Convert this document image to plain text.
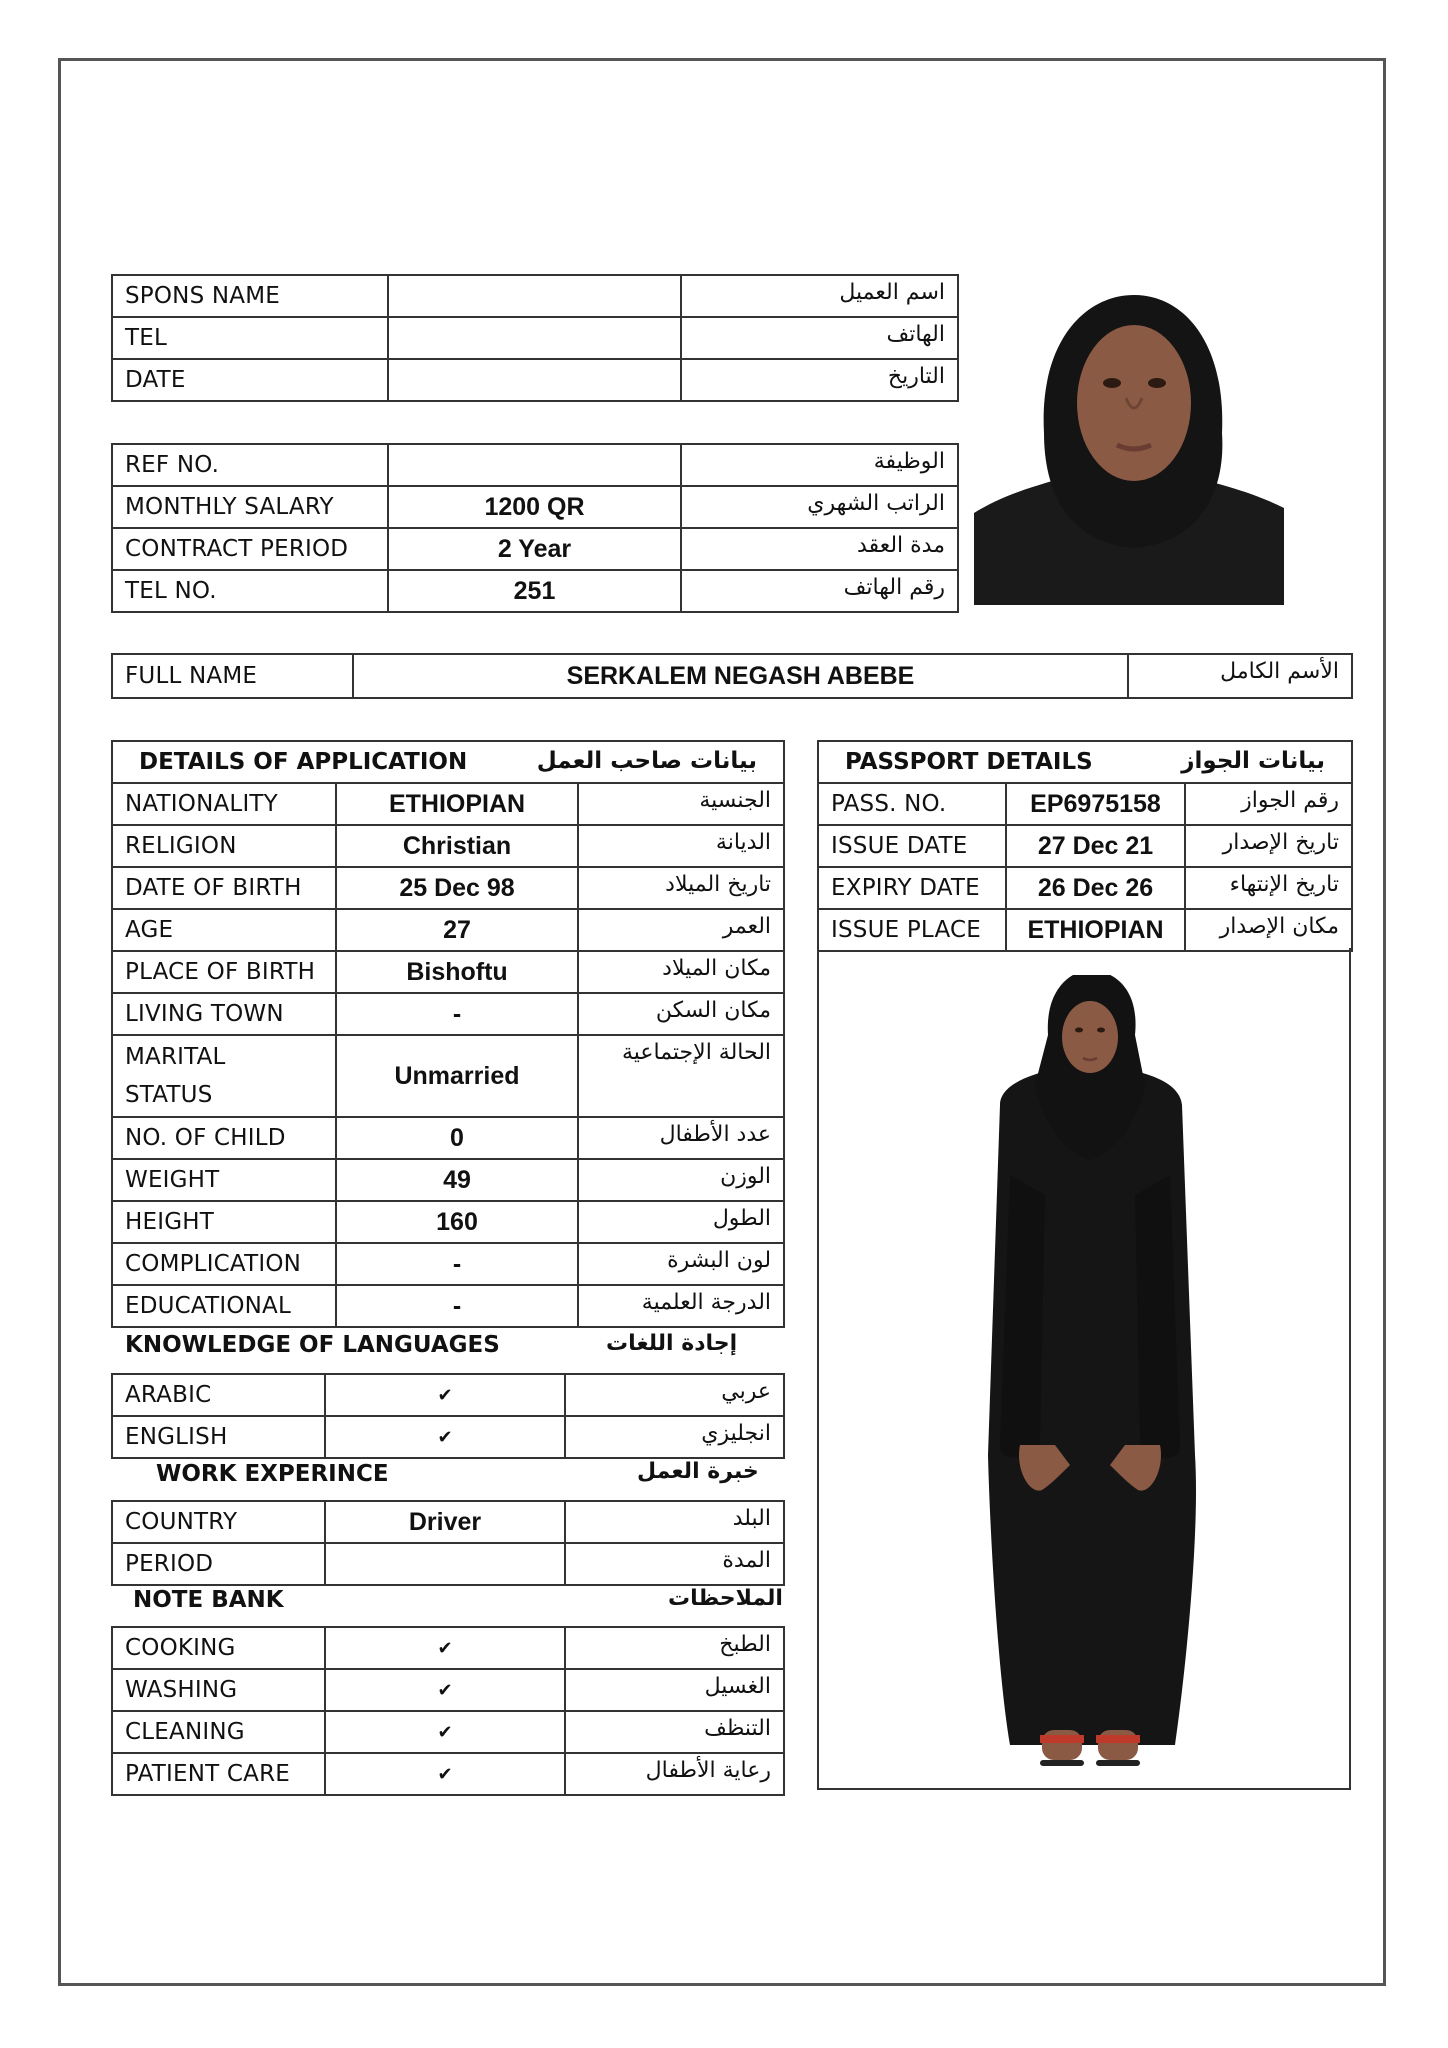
SPONS NAME		اسم العميل
TEL		الهاتف
DATE		التاريخ
REF NO.		الوظيفة
MONTHLY SALARY	1200 QR	الراتب الشهري
CONTRACT PERIOD	2 Year	مدة العقد
TEL NO.	251	رقم الهاتف
FULL NAME	SERKALEM NEGASH ABEBE	الأسم الكامل
DETAILS OF APPLICATION بيانات صاحب العمل		

NATIONALITY	ETHIOPIAN	الجنسية
RELIGION	Christian	الديانة
DATE OF BIRTH	25 Dec 98	تاريخ الميلاد
AGE	27	العمر
PLACE OF BIRTH	Bishoftu	مكان الميلاد
LIVING TOWN	-	مكان السكن

MARITAL
STATUS	Unmarried	الحالة الإجتماعية
NO. OF CHILD	0	عدد الأطفال
WEIGHT	49	الوزن
HEIGHT	160	الطول
COMPLICATION	-	لون البشرة
EDUCATIONAL	-	الدرجة العلمية
KNOWLEDGE OF LANGUAGES	إجادة اللغات
ARABIC	✔	عربي
ENGLISH	✔	انجليزي
WORK EXPERINCE	خبرة العمل
COUNTRY	Driver	البلد
PERIOD		المدة
NOTE BANK	الملاحظات
COOKING	✔	الطبخ
WASHING	✔	الغسيل
CLEANING	✔	التنظف
PATIENT CARE	✔	رعاية الأطفال
PASSPORT DETAILS بيانات الجواز		

PASS. NO.	EP6975158	رقم الجواز
ISSUE DATE	27 Dec 21	تاريخ الإصدار
EXPIRY DATE	26 Dec 26	تاريخ الإنتهاء
ISSUE PLACE	ETHIOPIAN	مكان الإصدار
